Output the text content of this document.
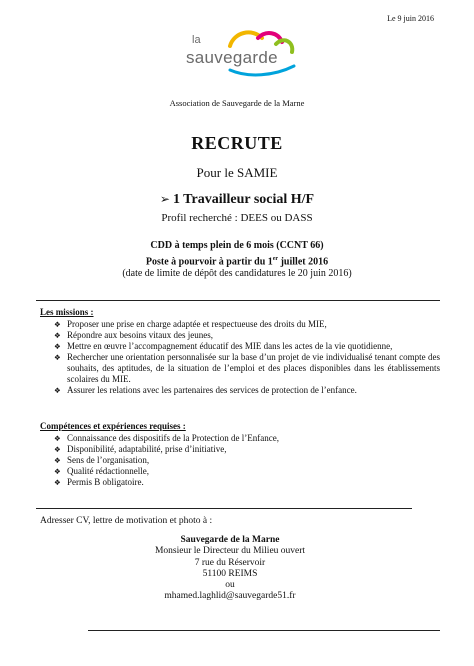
Le 9 juin 2016
la
sauvegarde
Association de Sauvegarde de la Marne
RECRUTE
Pour le SAMIE
➢ 1 Travailleur social H/F
Profil recherché : DEES ou DASS
CDD à temps plein de 6 mois (CCNT 66)
Poste à pourvoir à partir du 1er juillet 2016
(date de limite de dépôt des candidatures le 20 juin 2016)
Les missions :
❖ Proposer une prise en charge adaptée et respectueuse des droits du MIE,
❖ Répondre aux besoins vitaux des jeunes,
❖ Mettre en œuvre l’accompagnement éducatif des MIE dans les actes de la vie quotidienne,
❖ Rechercher une orientation personnalisée sur la base d’un projet de vie individualisé tenant compte des souhaits, des aptitudes, de la situation de l’emploi et des places disponibles dans les établissements scolaires du MIE.
❖ Assurer les relations avec les partenaires des services de protection de l’enfance.
Compétences et expériences requises :
❖ Connaissance des dispositifs de la Protection de l’Enfance,
❖ Disponibilité, adaptabilité, prise d’initiative,
❖ Sens de l’organisation,
❖ Qualité rédactionnelle,
❖ Permis B obligatoire.
Adresser CV, lettre de motivation et photo à :
Sauvegarde de la Marne
Monsieur le Directeur du Milieu ouvert
7 rue du Réservoir
51100 REIMS
ou
mhamed.laghlid@sauvegarde51.fr
